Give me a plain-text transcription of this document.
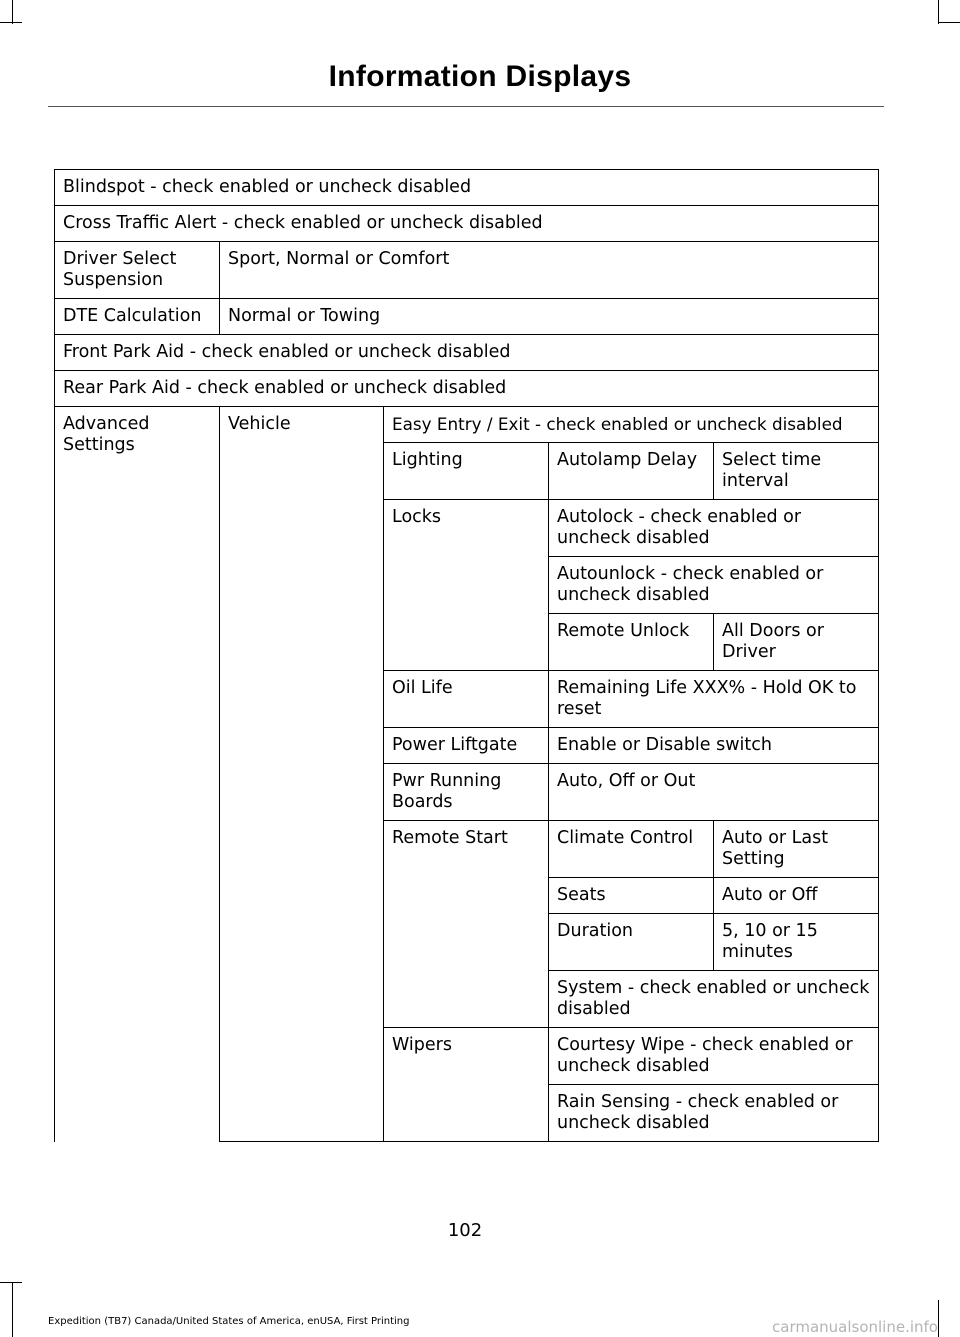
Information Displays
Blindspot - check enabled or uncheck disabled				
Cross Traffic Alert - check enabled or uncheck disabled				
Driver Select Suspension	Sport, Normal or Comfort			
DTE Calculation	Normal or Towing			
Front Park Aid - check enabled or uncheck disabled				
Rear Park Aid - check enabled or uncheck disabled				
Advanced Settings	Vehicle	Easy Entry / Exit - check enabled or uncheck disabled		
		Lighting	Autolamp Delay	Select time interval
		Locks	Autolock - check enabled or uncheck disabled	
			Autounlock - check enabled or uncheck disabled	
			Remote Unlock	All Doors or Driver
		Oil Life	Remaining Life XXX% - Hold OK to reset	
		Power Liftgate	Enable or Disable switch	
		Pwr Running Boards	Auto, Off or Out	
		Remote Start	Climate Control	Auto or Last Setting
			Seats	Auto or Off
			Duration	5, 10 or 15 minutes
			System - check enabled or uncheck disabled	
		Wipers	Courtesy Wipe - check enabled or uncheck disabled	
			Rain Sensing - check enabled or uncheck disabled	
102
Expedition (TB7) Canada/United States of America, enUSA, First Printing	carmanualsonline.info
